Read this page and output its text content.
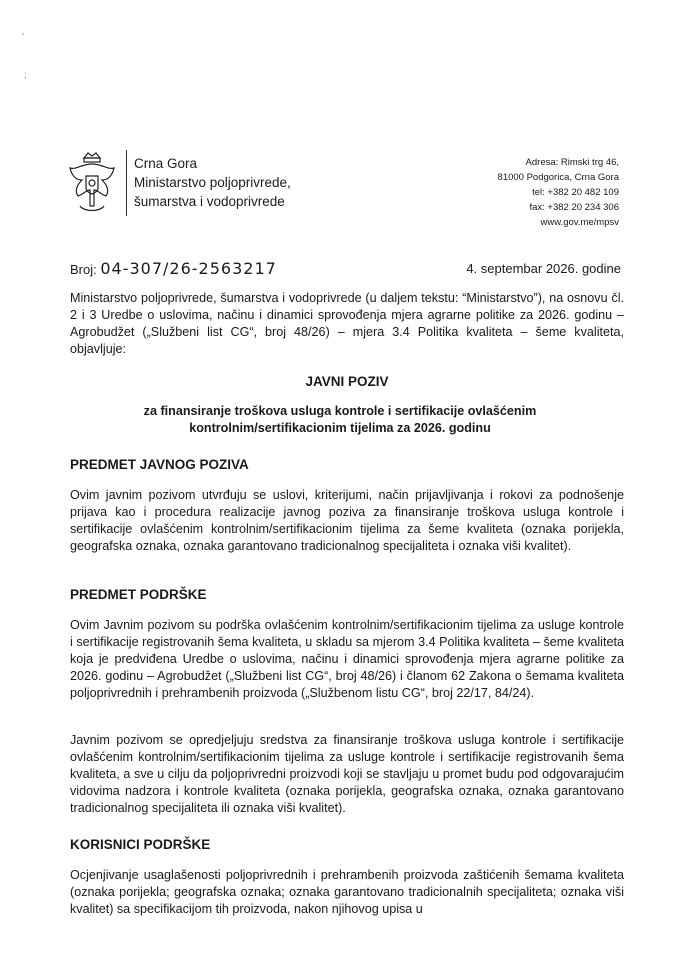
'
:
Crna Gora
Ministarstvo poljoprivrede,
šumarstva i vodoprivrede
Adresa: Rimski trg 46,
81000 Podgorica, Crna Gora
tel: +382 20 482 109
fax: +382 20 234 306
www.gov.me/mpsv
Broj: 04-307/26-2563217	4. septembar 2026. godine
Ministarstvo poljoprivrede, šumarstva i vodoprivrede (u daljem tekstu: “Ministarstvo”), na osnovu čl. 2 i 3 Uredbe o uslovima, načinu i dinamici sprovođenja mjera agrarne politike za 2026. godinu – Agrobudžet („Službeni list CG“, broj 48/26) – mjera 3.4 Politika kvaliteta – šeme kvaliteta, objavljuje:
JAVNI POZIV
za finansiranje troškova usluga kontrole i sertifikacije ovlašćenim kontrolnim/sertifikacionim tijelima za 2026. godinu
PREDMET JAVNOG POZIVA
Ovim javnim pozivom utvrđuju se uslovi, kriterijumi, način prijavljivanja i rokovi za podnošenje prijava kao i procedura realizacije javnog poziva za finansiranje troškova usluga kontrole i sertifikacije ovlašćenim kontrolnim/sertifikacionim tijelima za šeme kvaliteta (oznaka porijekla, geografska oznaka, oznaka garantovano tradicionalnog specijaliteta i oznaka viši kvalitet).
PREDMET PODRŠKE
Ovim Javnim pozivom su podrška ovlašćenim kontrolnim/sertifikacionim tijelima za usluge kontrole i sertifikacije registrovanih šema kvaliteta, u skladu sa mjerom 3.4 Politika kvaliteta – šeme kvaliteta koja je predviđena Uredbe o uslovima, načinu i dinamici sprovođenja mjera agrarne politike za 2026. godinu – Agrobudžet („Službeni list CG“, broj 48/26) i članom 62 Zakona o šemama kvaliteta poljoprivrednih i prehrambenih proizvoda („Službenom listu CG“, broj 22/17, 84/24).
Javnim pozivom se opredjeljuju sredstva za finansiranje troškova usluga kontrole i sertifikacije ovlašćenim kontrolnim/sertifikacionim tijelima za usluge kontrole i sertifikacije registrovanih šema kvaliteta, a sve u cilju da poljoprivredni proizvodi koji se stavljaju u promet budu pod odgovarajućim vidovima nadzora i kontrole kvaliteta (oznaka porijekla, geografska oznaka, oznaka garantovano tradicionalnog specijaliteta ili oznaka viši kvalitet).
KORISNICI PODRŠKE
Ocjenjivanje usaglašenosti poljoprivrednih i prehrambenih proizvoda zaštićenih šemama kvaliteta (oznaka porijekla; geografska oznaka; oznaka garantovano tradicionalnih specijaliteta; oznaka viši kvalitet) sa specifikacijom tih proizvoda, nakon njihovog upisa u
